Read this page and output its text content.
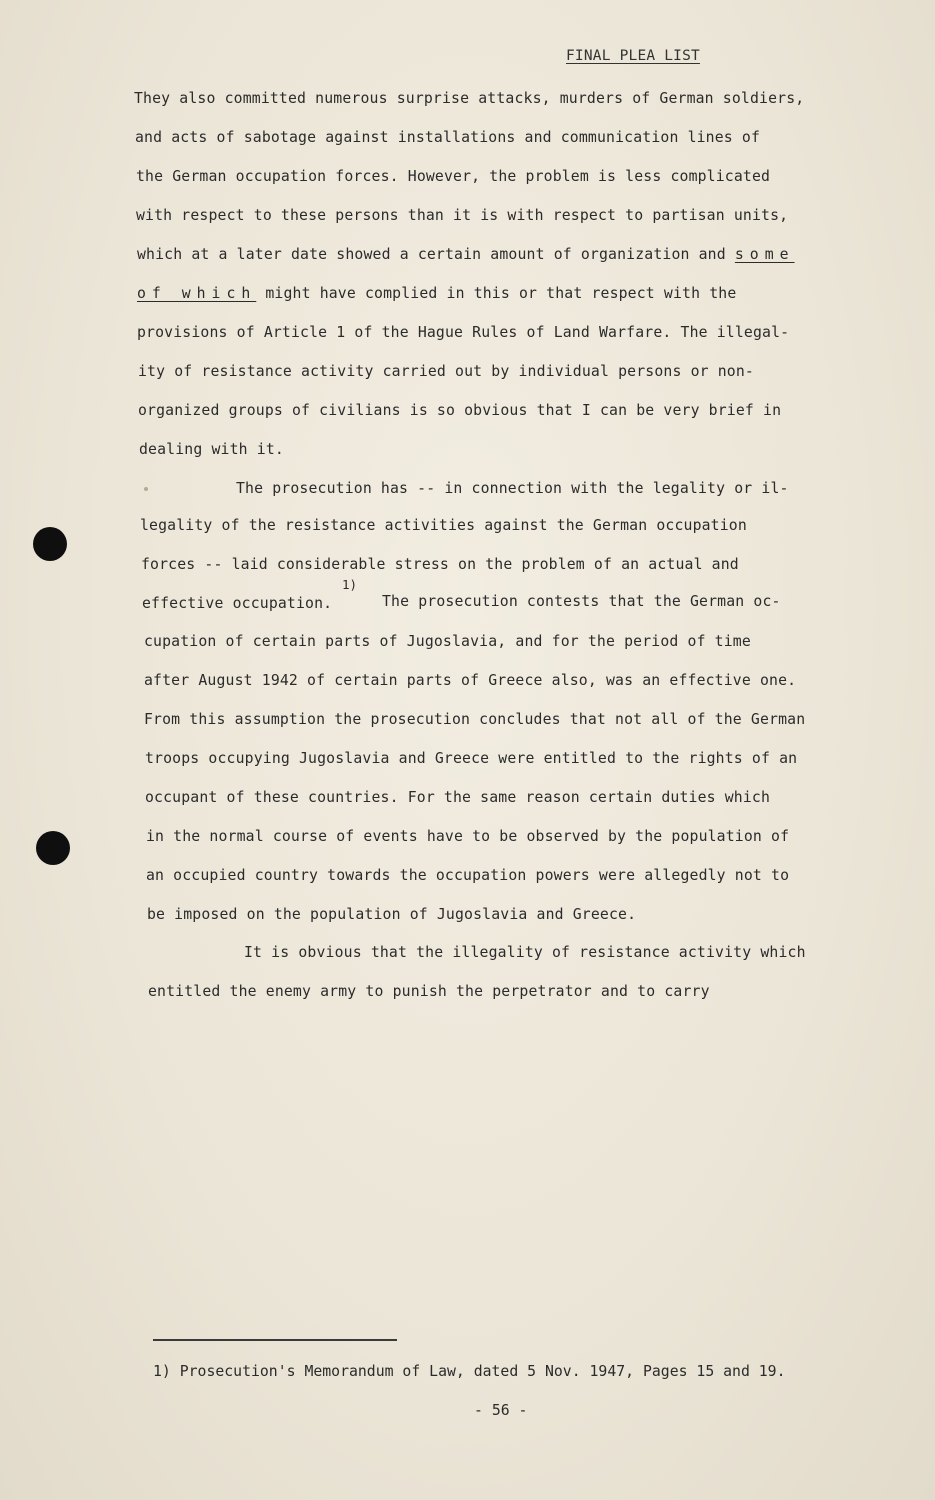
FINAL PLEA LIST
They also committed numerous surprise attacks, murders of German soldiers,
and acts of sabotage against installations and communication lines of
the German occupation forces. However, the problem is less complicated
with respect to these persons than it is with respect to partisan units,
which at a later date showed a certain amount of organization and some
of which might have complied in this or that respect with the
provisions of Article 1 of the Hague Rules of Land Warfare. The illegal-
ity of resistance activity carried out by individual persons or non-
organized groups of civilians is so obvious that I can be very brief in
dealing with it.
The prosecution has -- in connection with the legality or il-
legality of the resistance activities against the German occupation
forces -- laid considerable stress on the problem of an actual and
1)
effective occupation.	The prosecution contests that the German oc-
cupation of certain parts of Jugoslavia, and for the period of time
after August 1942 of certain parts of Greece also, was an effective one.
From this assumption the prosecution concludes that not all of the German
troops occupying Jugoslavia and Greece were entitled to the rights of an
occupant of these countries. For the same reason certain duties which
in the normal course of events have to be observed by the population of
an occupied country towards the occupation powers were allegedly not to
be imposed on the population of Jugoslavia and Greece.
It is obvious that the illegality of resistance activity which
entitled the enemy army to punish the perpetrator and to carry
1) Prosecution's Memorandum of Law, dated 5 Nov. 1947, Pages 15 and 19.
- 56 -
